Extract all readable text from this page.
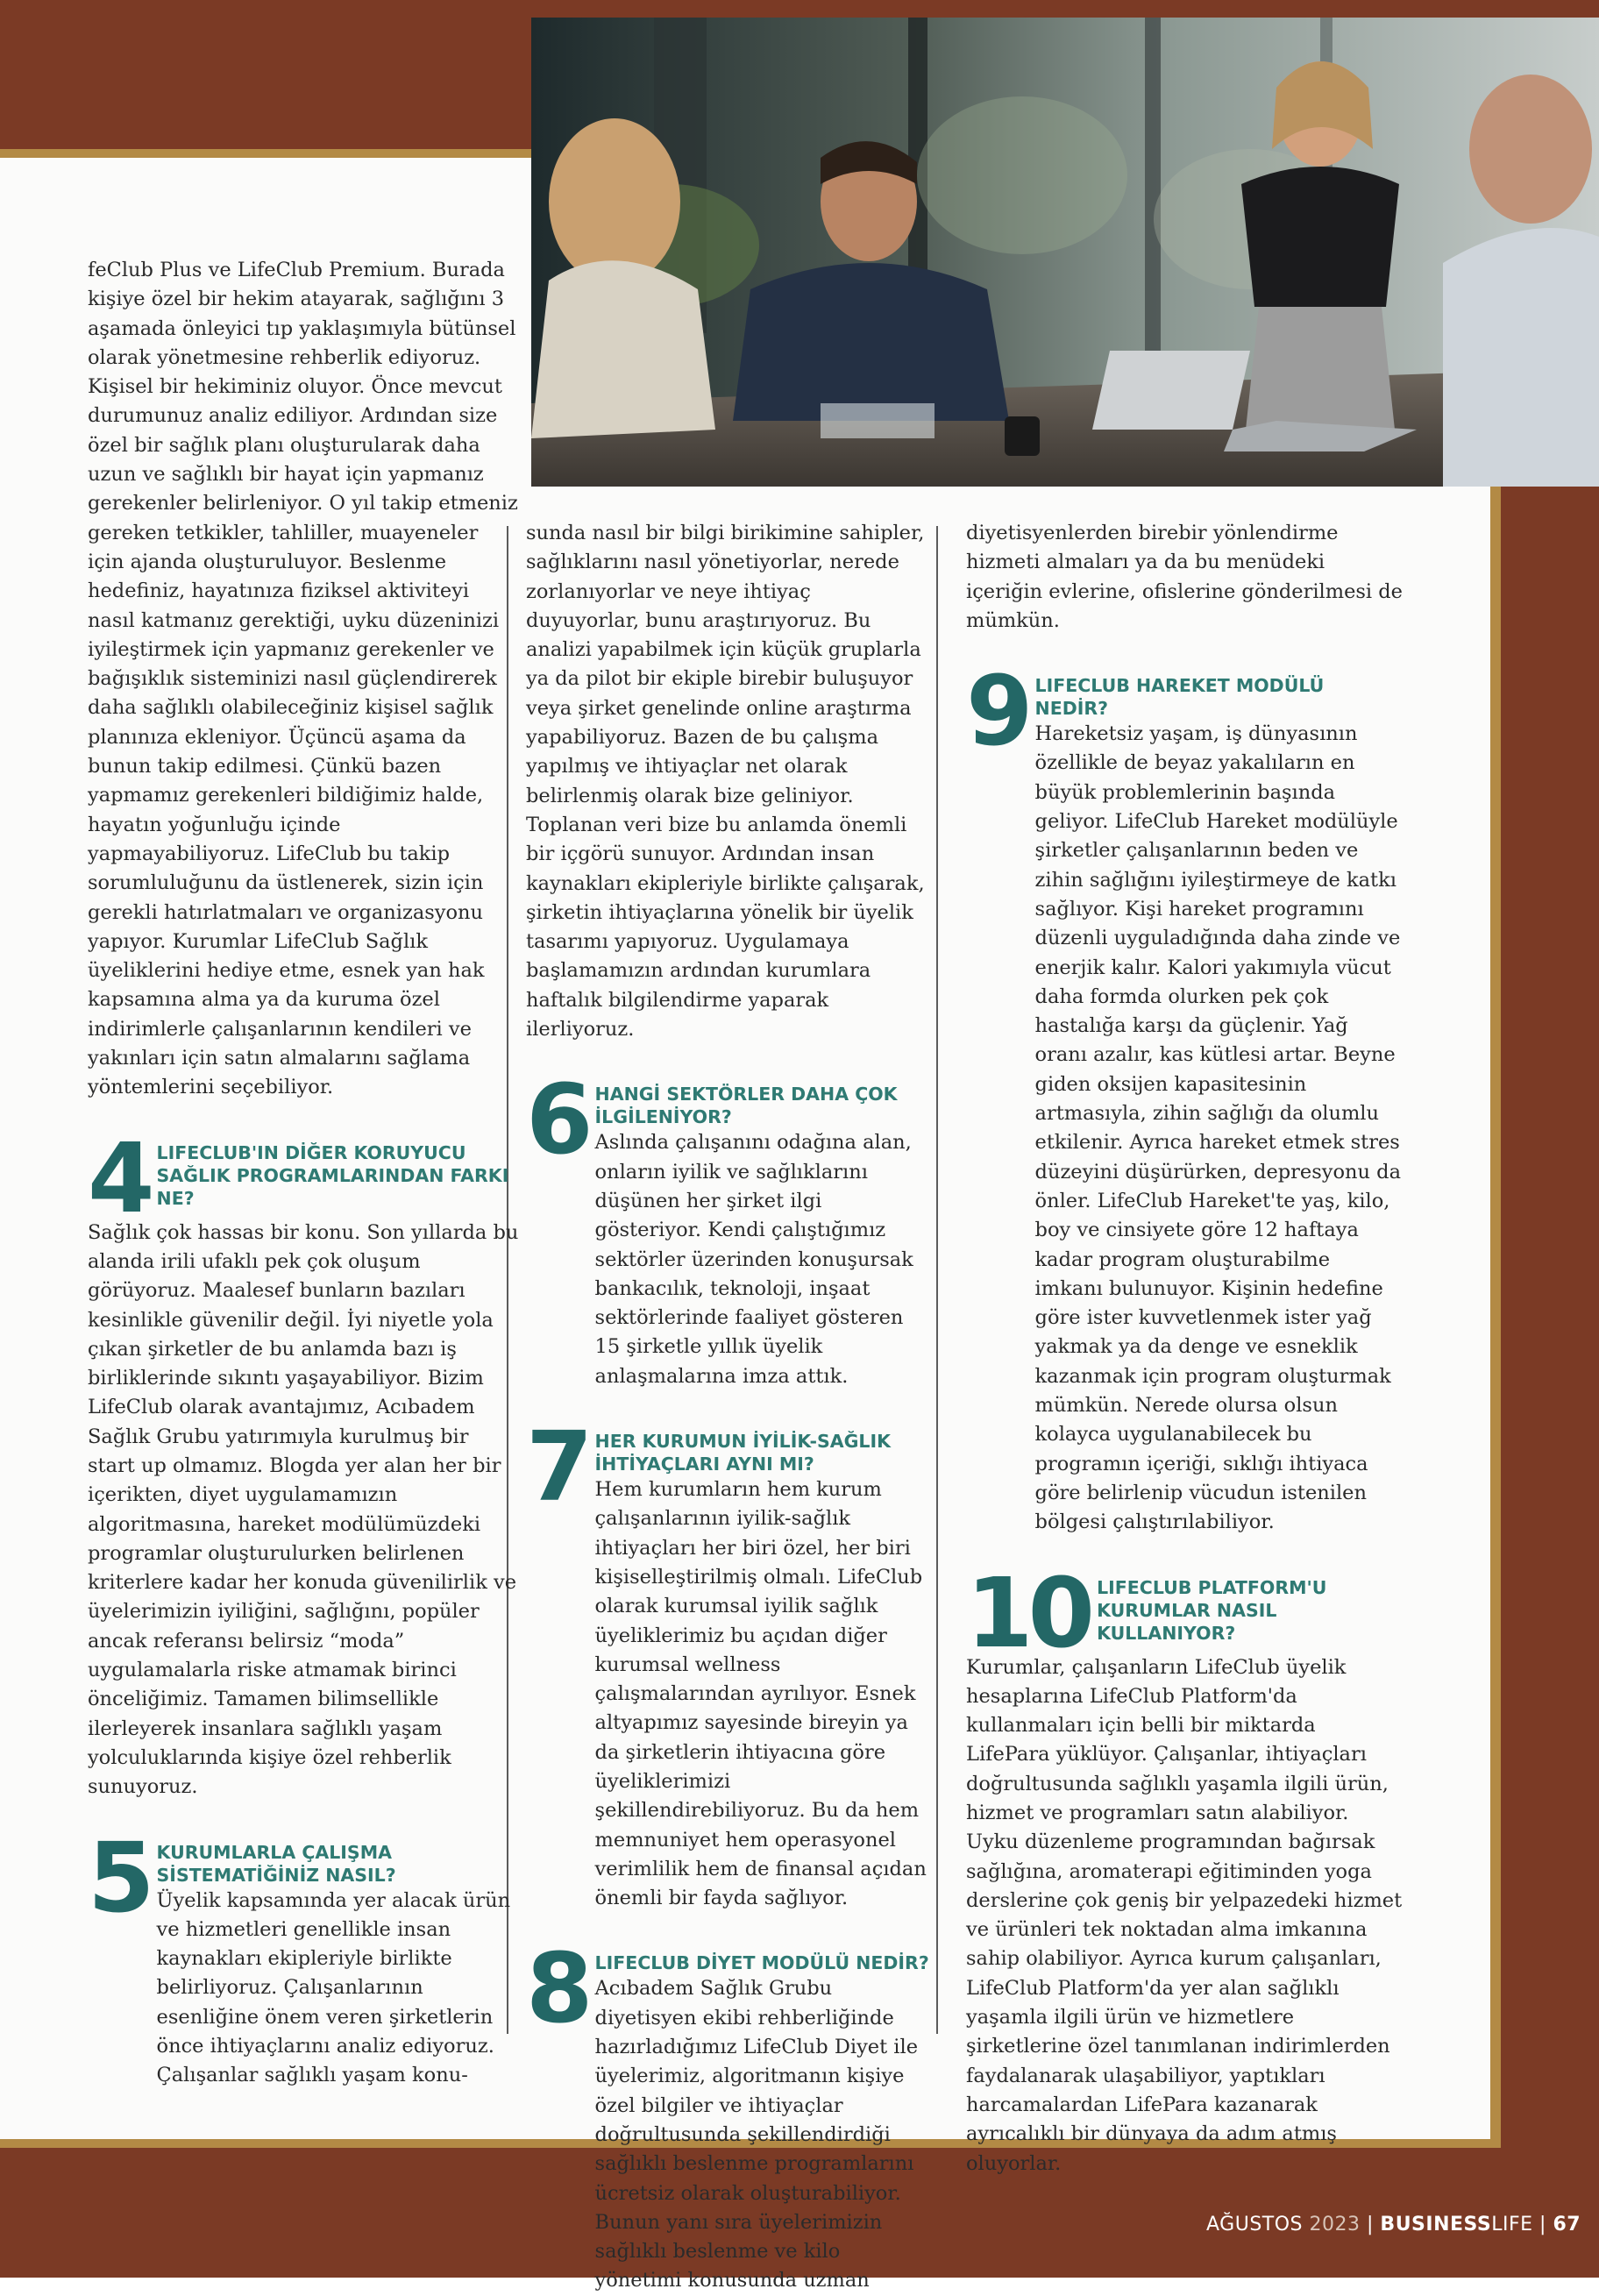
feClub Plus ve LifeClub Premium. Burada kişiye özel bir hekim atayarak, sağlığını 3 aşamada önleyici tıp yaklaşımıyla bütünsel olarak yönetmesine rehberlik ediyoruz. Kişisel bir hekiminiz oluyor. Önce mevcut durumunuz analiz ediliyor. Ardından size özel bir sağlık planı oluşturularak daha uzun ve sağlıklı bir hayat için yapmanız gerekenler belirleniyor. O yıl takip etmeniz gereken tetkikler, tahliller, muayeneler için ajanda oluşturuluyor. Beslenme hedefiniz, hayatınıza fiziksel aktiviteyi nasıl katmanız gerektiği, uyku düzeninizi iyileştirmek için yapmanız gerekenler ve bağışıklık sisteminizi nasıl güçlendirerek daha sağlıklı olabileceğiniz kişisel sağlık planınıza ekleniyor. Üçüncü aşama da bunun takip edilmesi. Çünkü bazen yapmamız gerekenleri bildiğimiz halde, hayatın yoğunluğu içinde yapmayabiliyoruz. LifeClub bu takip sorumluluğunu da üstlenerek, sizin için gerekli hatırlatmaları ve organizasyonu yapıyor. Kurumlar LifeClub Sağlık üyeliklerini hediye etme, esnek yan hak kapsamına alma ya da kuruma özel indirimlerle çalışanlarının kendileri ve yakınları için satın almalarını sağlama yöntemlerini seçebiliyor.

4 LIFECLUB'IN DİĞER KORUYUCU SAĞLIK PROGRAMLARINDAN FARKI NE?

Sağlık çok hassas bir konu. Son yıllarda bu alanda irili ufaklı pek çok oluşum görüyoruz. Maalesef bunların bazıları kesinlikle güvenilir değil. İyi niyetle yola çıkan şirketler de bu anlamda bazı iş birliklerinde sıkıntı yaşayabiliyor. Bizim LifeClub olarak avantajımız, Acıbadem Sağlık Grubu yatırımıyla kurulmuş bir start up olmamız. Blogda yer alan her bir içerikten, diyet uygulamamızın algoritmasına, hareket modülümüzdeki programlar oluşturulurken belirlenen kriterlere kadar her konuda güvenilirlik ve üyelerimizin iyiliğini, sağlığını, popüler ancak referansı belirsiz “moda” uygulamalarla riske atmamak birinci önceliğimiz. Tamamen bilimsellikle ilerleyerek insanlara sağlıklı yaşam yolculuklarında kişiye özel rehberlik sunuyoruz.

5 KURUMLARLA ÇALIŞMA SİSTEMATİĞİNİZ NASIL?

Üyelik kapsamında yer alacak ürün ve hizmetleri genellikle insan kaynakları ekipleriyle birlikte belirliyoruz. Çalışanlarının esenliğine önem veren şirketlerin önce ihtiyaçlarını analiz ediyoruz. Çalışanlar sağlıklı yaşam konu-

sunda nasıl bir bilgi birikimine sahipler, sağlıklarını nasıl yönetiyorlar, nerede zorlanıyorlar ve neye ihtiyaç duyuyorlar, bunu araştırıyoruz. Bu analizi yapabilmek için küçük gruplarla ya da pilot bir ekiple birebir buluşuyor veya şirket genelinde online araştırma yapabiliyoruz. Bazen de bu çalışma yapılmış ve ihtiyaçlar net olarak belirlenmiş olarak bize geliniyor. Toplanan veri bize bu anlamda önemli bir içgörü sunuyor. Ardından insan kaynakları ekipleriyle birlikte çalışarak, şirketin ihtiyaçlarına yönelik bir üyelik tasarımı yapıyoruz. Uygulamaya başlamamızın ardından kurumlara haftalık bilgilendirme yaparak ilerliyoruz.

6 HANGİ SEKTÖRLER DAHA ÇOK İLGİLENİYOR?

Aslında çalışanını odağına alan, onların iyilik ve sağlıklarını düşünen her şirket ilgi gösteriyor. Kendi çalıştığımız sektörler üzerinden konuşursak bankacılık, teknoloji, inşaat sektörlerinde faaliyet gösteren 15 şirketle yıllık üyelik anlaşmalarına imza attık.

7 HER KURUMUN İYİLİK-SAĞLIK İHTİYAÇLARI AYNI MI?

Hem kurumların hem kurum çalışanlarının iyilik-sağlık ihtiyaçları her biri özel, her biri kişiselleştirilmiş olmalı. LifeClub olarak kurumsal iyilik sağlık üyeliklerimiz bu açıdan diğer kurumsal wellness çalışmalarından ayrılıyor. Esnek altyapımız sayesinde bireyin ya da şirketlerin ihtiyacına göre üyeliklerimizi şekillendirebiliyoruz. Bu da hem memnuniyet hem operasyonel verimlilik hem de finansal açıdan önemli bir fayda sağlıyor.

8 LIFECLUB DİYET MODÜLÜ NEDİR?

Acıbadem Sağlık Grubu diyetisyen ekibi rehberliğinde hazırladığımız LifeClub Diyet ile üyelerimiz, algoritmanın kişiye özel bilgiler ve ihtiyaçlar doğrultusunda şekillendirdiği sağlıklı beslenme programlarını ücretsiz olarak oluşturabiliyor. Bunun yanı sıra üyelerimizin sağlıklı beslenme ve kilo yönetimi konusunda uzman

diyetisyenlerden birebir yönlendirme hizmeti almaları ya da bu menüdeki içeriğin evlerine, ofislerine gönderilmesi de mümkün.

9 LIFECLUB HAREKET MODÜLÜ NEDİR?

Hareketsiz yaşam, iş dünyasının özellikle de beyaz yakalıların en büyük problemlerinin başında geliyor. LifeClub Hareket modülüyle şirketler çalışanlarının beden ve zihin sağlığını iyileştirmeye de katkı sağlıyor. Kişi hareket programını düzenli uyguladığında daha zinde ve enerjik kalır. Kalori yakımıyla vücut daha formda olurken pek çok hastalığa karşı da güçlenir. Yağ oranı azalır, kas kütlesi artar. Beyne giden oksijen kapasitesinin artmasıyla, zihin sağlığı da olumlu etkilenir. Ayrıca hareket etmek stres düzeyini düşürürken, depresyonu da önler. LifeClub Hareket'te yaş, kilo, boy ve cinsiyete göre 12 haftaya kadar program oluşturabilme imkanı bulunuyor. Kişinin hedefine göre ister kuvvetlenmek ister yağ yakmak ya da denge ve esneklik kazanmak için program oluşturmak mümkün. Nerede olursa olsun kolayca uygulanabilecek bu programın içeriği, sıklığı ihtiyaca göre belirlenip vücudun istenilen bölgesi çalıştırılabiliyor.

10 LIFECLUB PLATFORM'U KURUMLAR NASIL KULLANIYOR?

Kurumlar, çalışanların LifeClub üyelik hesaplarına LifeClub Platform'da kullanmaları için belli bir miktarda LifePara yüklüyor. Çalışanlar, ihtiyaçları doğrultusunda sağlıklı yaşamla ilgili ürün, hizmet ve programları satın alabiliyor. Uyku düzenleme programından bağırsak sağlığına, aromaterapi eğitiminden yoga derslerine çok geniş bir yelpazedeki hizmet ve ürünleri tek noktadan alma imkanına sahip olabiliyor. Ayrıca kurum çalışanları, LifeClub Platform'da yer alan sağlıklı yaşamla ilgili ürün ve hizmetlere şirketlerine özel tanımlanan indirimlerden faydalanarak ulaşabiliyor, yaptıkları harcamalardan LifePara kazanarak ayrıcalıklı bir dünyaya da adım atmış oluyorlar.

AĞUSTOS 2023 | BUSINESSLIFE | 67
